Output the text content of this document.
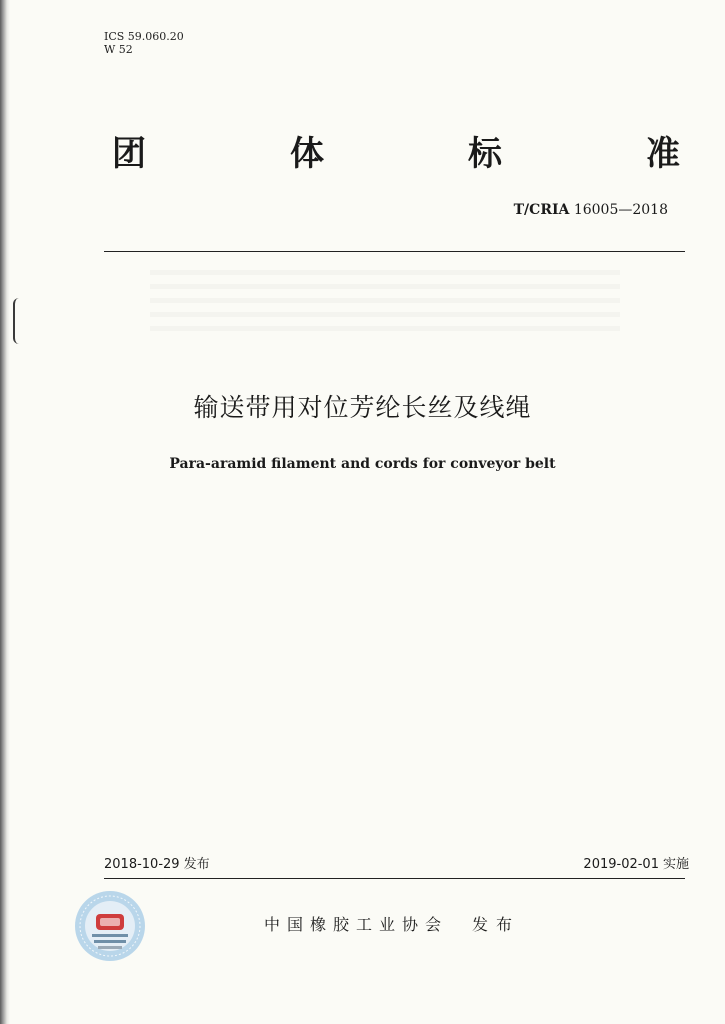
ICS 59.060.20
W 52
团	体	标	准
T/CRIA 16005—2018
输送带用对位芳纶长丝及线绳
Para-aramid filament and cords for conveyor belt
2018-10-29 发布	2019-02-01 实施
中国橡胶工业协会 发布
